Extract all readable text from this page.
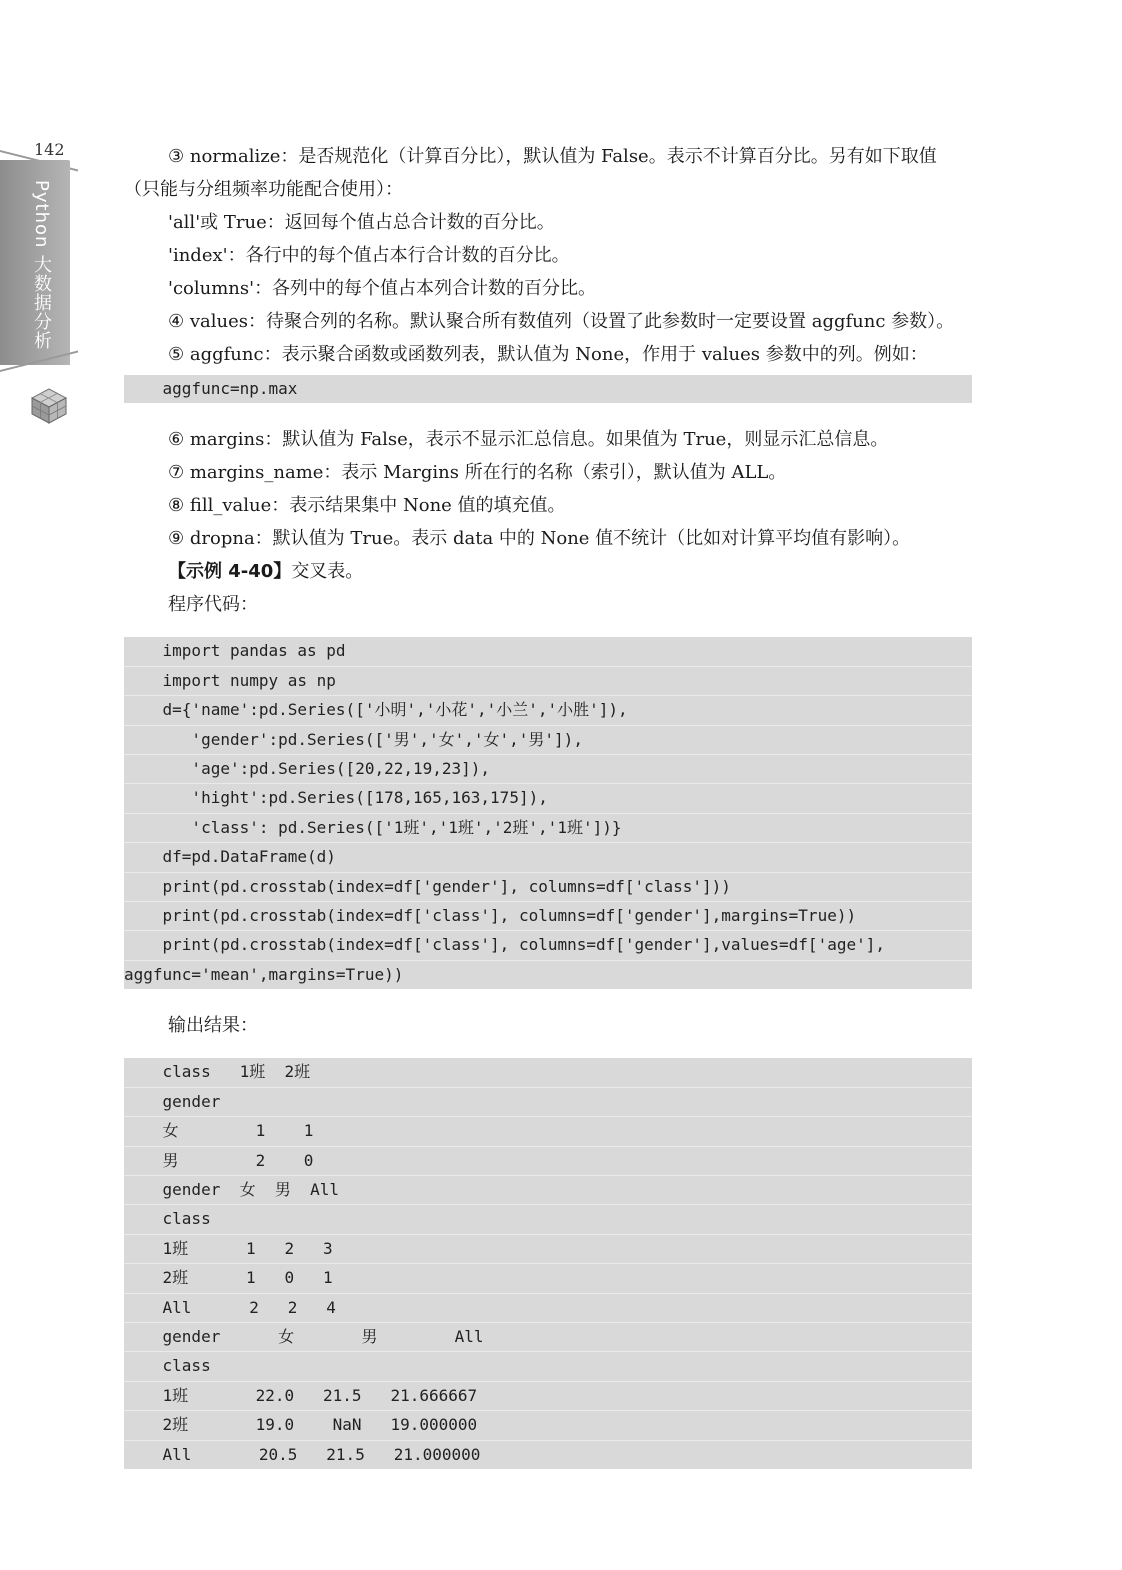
142
Python 大数据分析

③ normalize：是否规范化（计算百分比），默认值为 False。表示不计算百分比。另有如下取值（只能与分组频率功能配合使用）：

'all'或 True：返回每个值占总合计数的百分比。

'index'：各行中的每个值占本行合计数的百分比。

'columns'：各列中的每个值占本列合计数的百分比。

④ values：待聚合列的名称。默认聚合所有数值列（设置了此参数时一定要设置 aggfunc 参数）。

⑤ aggfunc：表示聚合函数或函数列表，默认值为 None，作用于 values 参数中的列。例如：

aggfunc=np.max

⑥ margins：默认值为 False，表示不显示汇总信息。如果值为 True，则显示汇总信息。

⑦ margins_name：表示 Margins 所在行的名称（索引），默认值为 ALL。

⑧ fill_value：表示结果集中 None 值的填充值。

⑨ dropna：默认值为 True。表示 data 中的 None 值不统计（比如对计算平均值有影响）。

【示例 4-40】交叉表。

程序代码：

import pandas as pd
import numpy as np
d={'name':pd.Series(['小明','小花','小兰','小胜']),
'gender':pd.Series(['男','女','女','男']),
'age':pd.Series([20,22,19,23]),
'hight':pd.Series([178,165,163,175]),
'class': pd.Series(['1班','1班','2班','1班'])}
df=pd.DataFrame(d)
print(pd.crosstab(index=df['gender'], columns=df['class']))
print(pd.crosstab(index=df['class'], columns=df['gender'],margins=True))
print(pd.crosstab(index=df['class'], columns=df['gender'],values=df['age'],
aggfunc='mean',margins=True))

输出结果：

class   1班  2班
gender
女        1    1
男        2    0
gender  女  男  All
class
1班      1   2   3
2班      1   0   1
All      2   2   4
gender      女       男        All
class
1班       22.0   21.5   21.666667
2班       19.0    NaN   19.000000
All       20.5   21.5   21.000000
